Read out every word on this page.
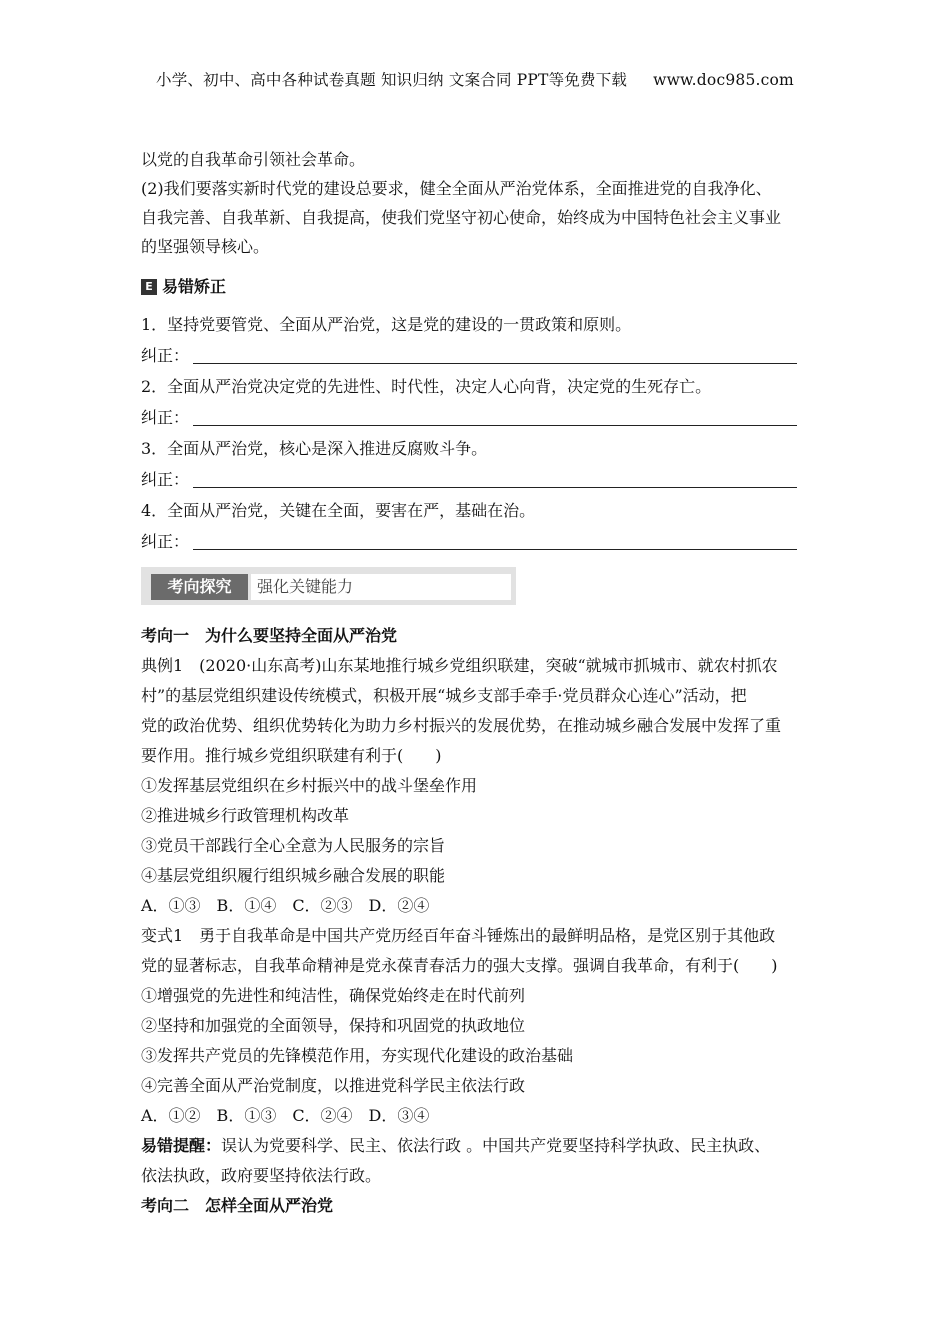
小学、初中、高中各种试卷真题 知识归纳 文案合同 PPT等免费下载 www.doc985.com
以党的自我革命引领社会革命。
(2)我们要落实新时代党的建设总要求，健全全面从严治党体系，全面推进党的自我净化、
自我完善、自我革新、自我提高，使我们党坚守初心使命，始终成为中国特色社会主义事业
的坚强领导核心。
E 易错矫正
1．坚持党要管党、全面从严治党，这是党的建设的一贯政策和原则。
纠正：
2．全面从严治党决定党的先进性、时代性，决定人心向背，决定党的生死存亡。
纠正：
3．全面从严治党，核心是深入推进反腐败斗争。
纠正：
4．全面从严治党，关键在全面，要害在严，基础在治。
纠正：
考向探究	强化关键能力
考向一　为什么要坚持全面从严治党
典例1　(2020·山东高考)山东某地推行城乡党组织联建，突破“就城市抓城市、就农村抓农
村”的基层党组织建设传统模式，积极开展“城乡支部手牵手·党员群众心连心”活动，把
党的政治优势、组织优势转化为助力乡村振兴的发展优势，在推动城乡融合发展中发挥了重
要作用。推行城乡党组织联建有利于(　　)
①发挥基层党组织在乡村振兴中的战斗堡垒作用
②推进城乡行政管理机构改革
③党员干部践行全心全意为人民服务的宗旨
④基层党组织履行组织城乡融合发展的职能
A．①③　B．①④　C．②③　D．②④
变式1　勇于自我革命是中国共产党历经百年奋斗锤炼出的最鲜明品格，是党区别于其他政
党的显著标志，自我革命精神是党永葆青春活力的强大支撑。强调自我革命，有利于(　　)
①增强党的先进性和纯洁性，确保党始终走在时代前列
②坚持和加强党的全面领导，保持和巩固党的执政地位
③发挥共产党员的先锋模范作用，夯实现代化建设的政治基础
④完善全面从严治党制度，以推进党科学民主依法行政
A．①②　B．①③　C．②④　D．③④
易错提醒：误认为党要科学、民主、依法行政 。中国共产党要坚持科学执政、民主执政、
依法执政，政府要坚持依法行政。
考向二　怎样全面从严治党
